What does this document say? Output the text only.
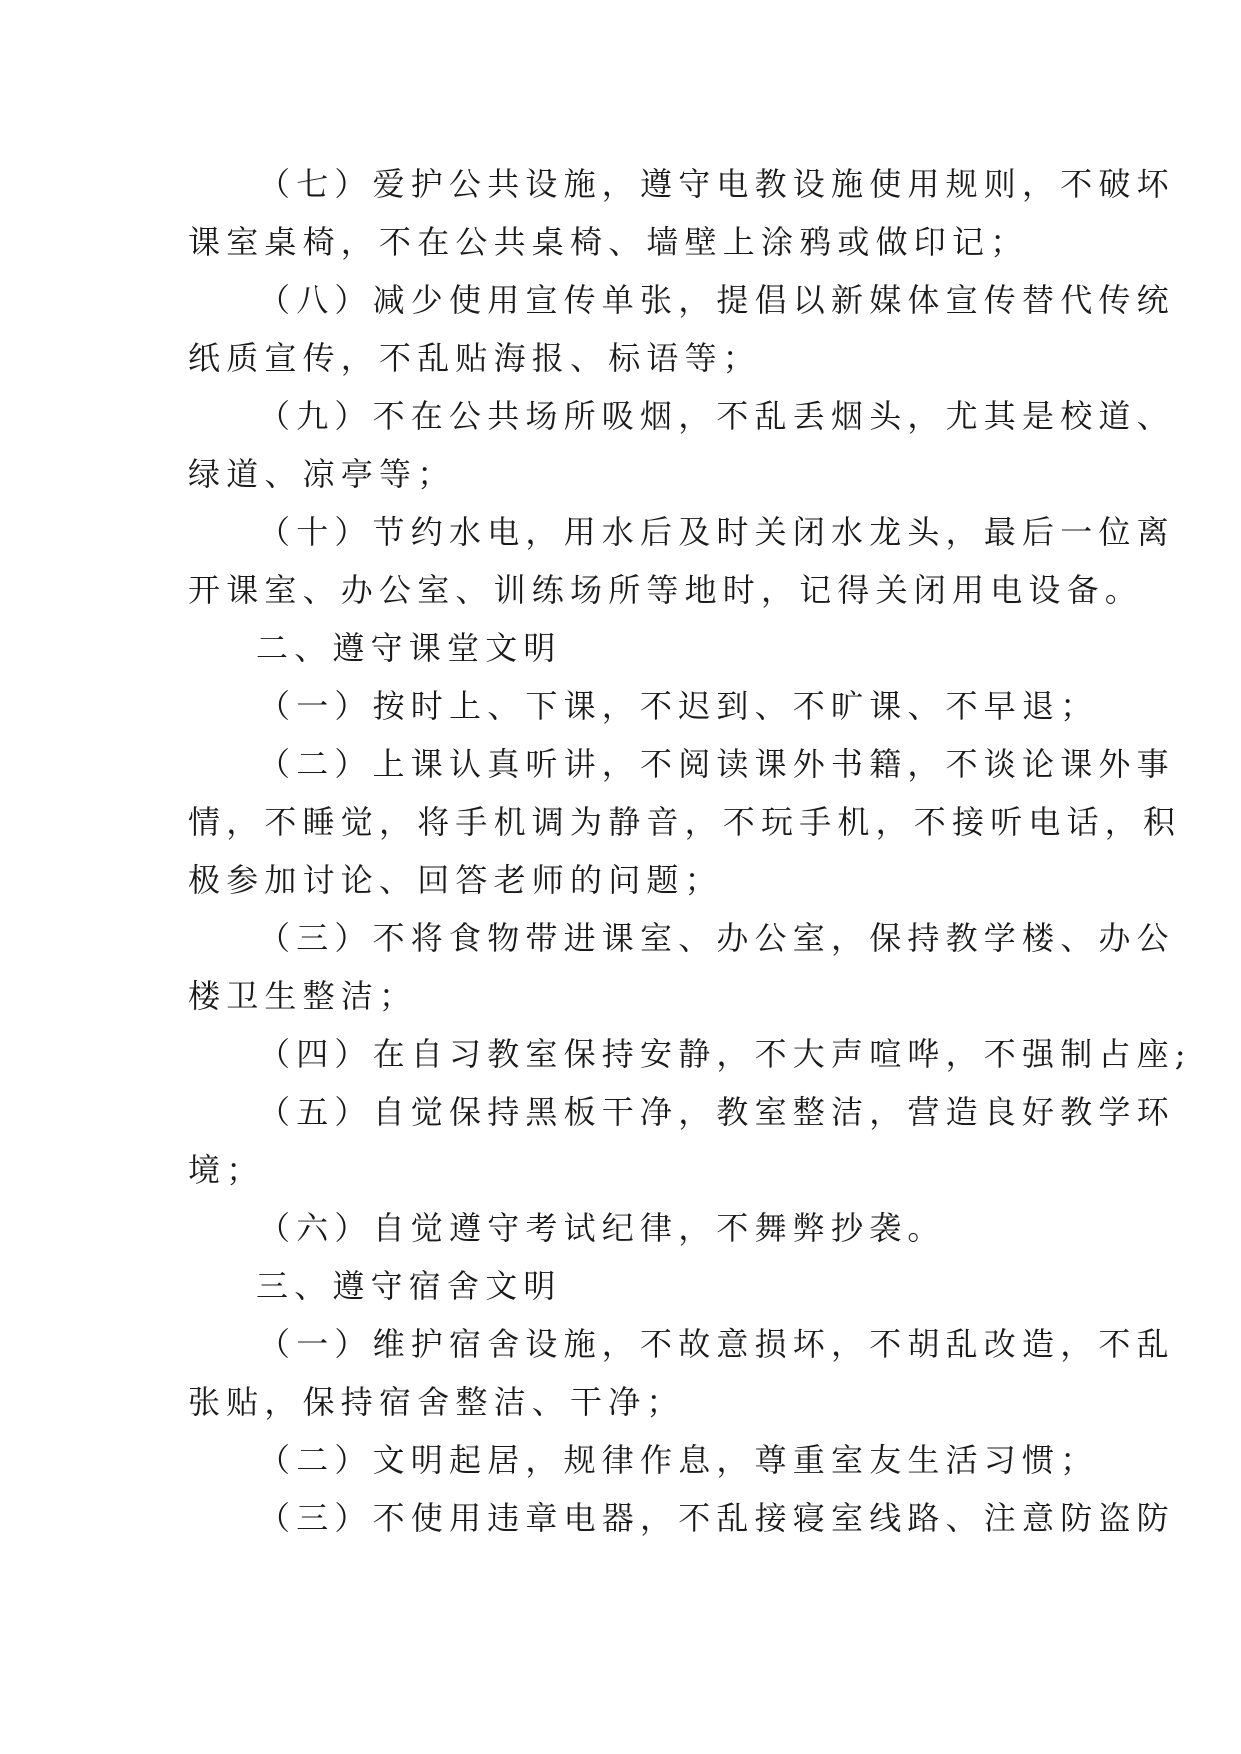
（七）爱护公共设施，遵守电教设施使用规则，不破坏
课室桌椅，不在公共桌椅、墙壁上涂鸦或做印记；
（八）减少使用宣传单张，提倡以新媒体宣传替代传统
纸质宣传，不乱贴海报、标语等；
（九）不在公共场所吸烟，不乱丢烟头，尤其是校道、
绿道、凉亭等；
（十）节约水电，用水后及时关闭水龙头，最后一位离
开课室、办公室、训练场所等地时，记得关闭用电设备。
二、遵守课堂文明
（一）按时上、下课，不迟到、不旷课、不早退；
（二）上课认真听讲，不阅读课外书籍，不谈论课外事
情，不睡觉，将手机调为静音，不玩手机，不接听电话，积
极参加讨论、回答老师的问题；
（三）不将食物带进课室、办公室，保持教学楼、办公
楼卫生整洁；
（四）在自习教室保持安静，不大声喧哗，不强制占座;
（五）自觉保持黑板干净，教室整洁，营造良好教学环
境；
（六）自觉遵守考试纪律，不舞弊抄袭。
三、遵守宿舍文明
（一）维护宿舍设施，不故意损坏，不胡乱改造，不乱
张贴，保持宿舍整洁、干净；
（二）文明起居，规律作息，尊重室友生活习惯；
（三）不使用违章电器，不乱接寝室线路、注意防盗防
